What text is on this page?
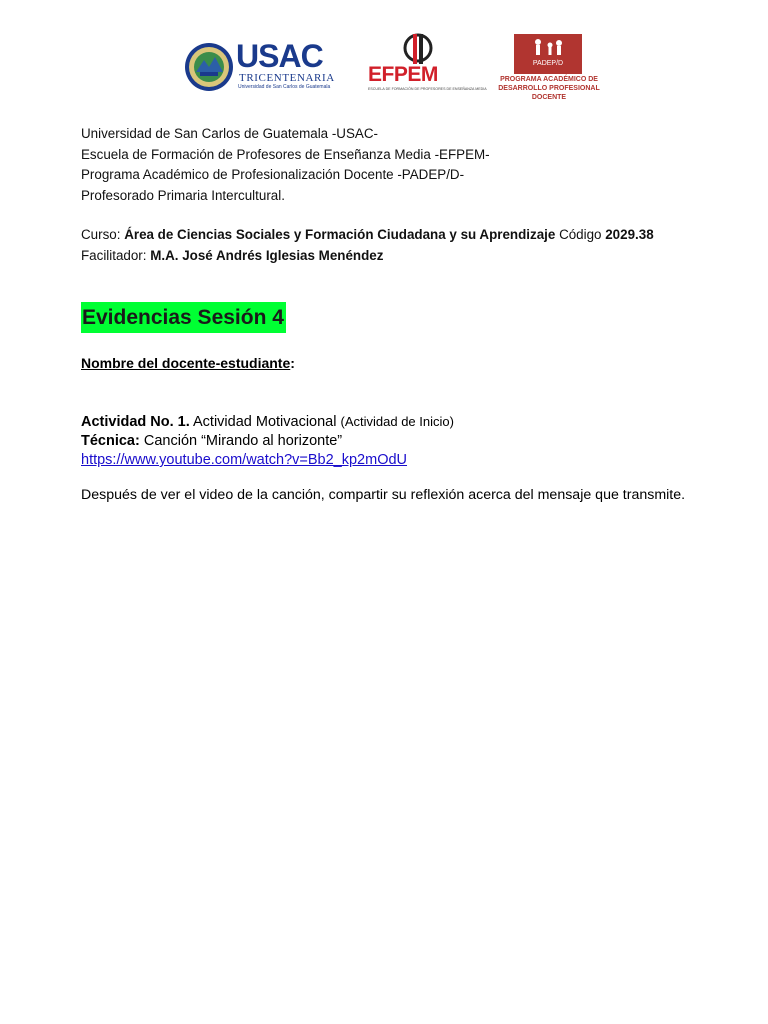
USAC
TRICENTENARIA
Universidad de San Carlos de Guatemala
EFPEM
ESCUELA DE FORMACIÓN DE PROFESORES DE ENSEÑANZA MEDIA
PADEP/D
PROGRAMA ACADÉMICO DE
DESARROLLO PROFESIONAL DOCENTE
Universidad de San Carlos de Guatemala -USAC-
Escuela de Formación de Profesores de Enseñanza Media -EFPEM-
Programa Académico de Profesionalización Docente -PADEP/D-
Profesorado Primaria Intercultural.
Curso: Área de Ciencias Sociales y Formación Ciudadana y su Aprendizaje Código 2029.38
Facilitador: M.A. José Andrés Iglesias Menéndez
Evidencias Sesión 4
Nombre del docente-estudiante:
Actividad No. 1. Actividad Motivacional (Actividad de Inicio)
Técnica: Canción “Mirando al horizonte”
https://www.youtube.com/watch?v=Bb2_kp2mOdU
Después de ver el video de la canción, compartir su reflexión acerca del mensaje que transmite.
